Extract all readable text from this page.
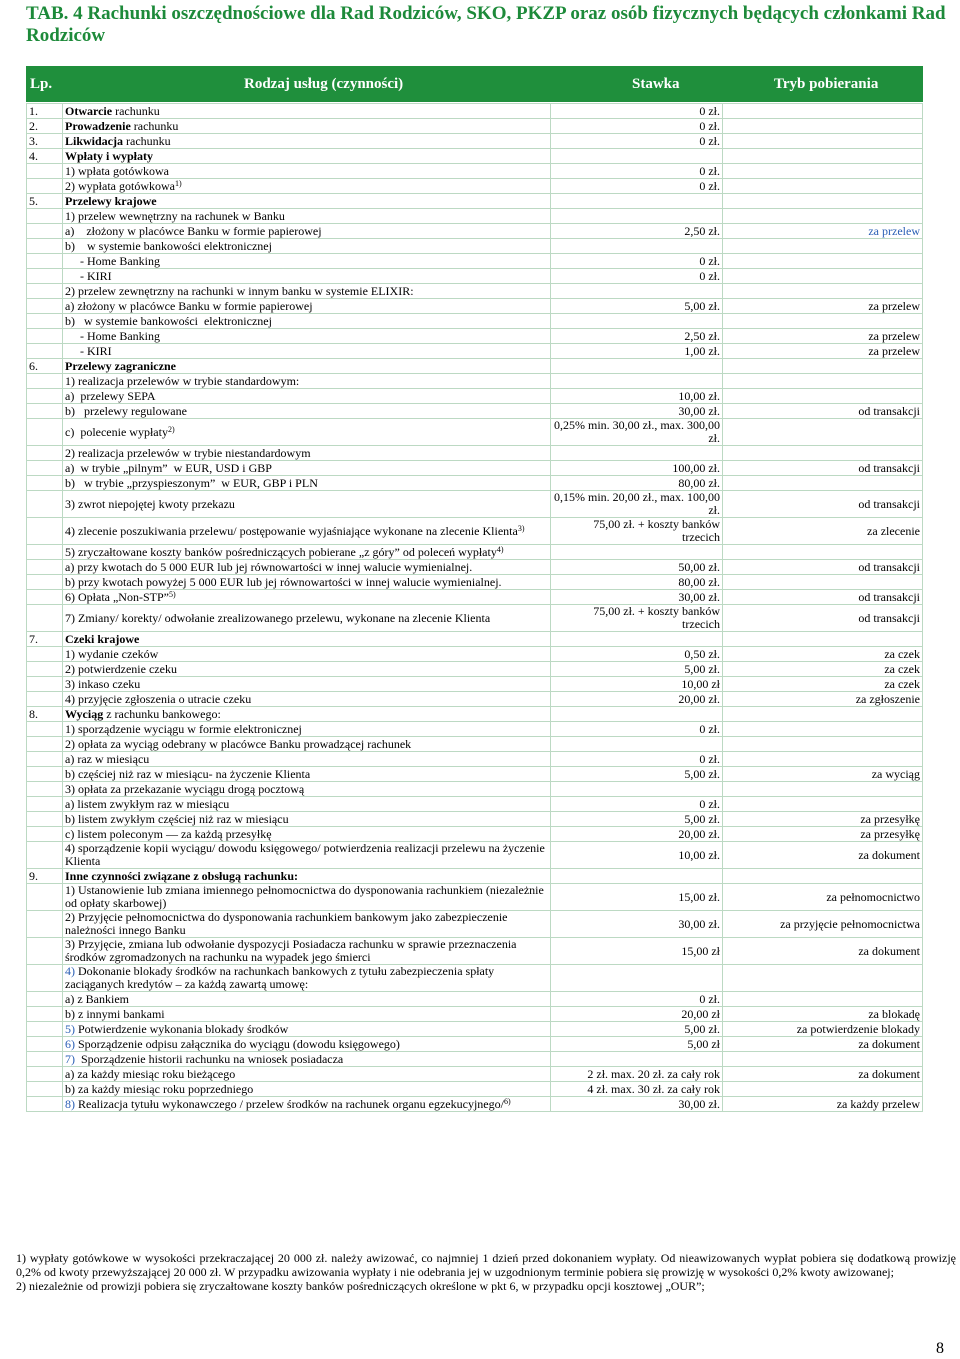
TAB. 4 Rachunki oszczędnościowe dla Rad Rodziców, SKO, PKZP oraz osób fizycznych będących członkami Rad Rodziców
Lp.	Rodzaj usług (czynności)	Stawka	Tryb pobierania
1.	Otwarcie rachunku	0 zł.	
2.	Prowadzenie rachunku	0 zł.	
3.	Likwidacja rachunku	0 zł.	
4.	Wpłaty i wypłaty		
	1) wpłata gotówkowa	0 zł.	
	2) wypłata gotówkowa$^{1)}$	0 zł.	
5.	Przelewy krajowe		
	1) przelew wewnętrzny na rachunek w Banku		
	a)    złożony w placówce Banku w formie papierowej	2,50 zł.	za przelew
	b)    w systemie bankowości elektronicznej		
	- Home Banking	0 zł.	
	- KIRI	0 zł.	
	2) przelew zewnętrzny na rachunki w innym banku w systemie ELIXIR:		
	a) złożony w placówce Banku w formie papierowej	5,00 zł.	za przelew
	b)   w systemie bankowości  elektronicznej		
	- Home Banking	2,50 zł.	za przelew
	- KIRI	1,00 zł.	za przelew
6.	Przelewy zagraniczne		
	1) realizacja przelewów w trybie standardowym:		
	a)  przelewy SEPA	10,00 zł.	
	b)   przelewy regulowane	30,00 zł.	od transakcji
	c)  polecenie wypłaty$^{2)}$	0,25% min. 30,00 zł., max. 300,00 zł.	
	2) realizacja przelewów w trybie niestandardowym		
	a)  w trybie „pilnym”  w EUR, USD i GBP	100,00 zł.	od transakcji
	b)   w trybie „przyspieszonym”  w EUR, GBP i PLN	80,00 zł.	
	3) zwrot niepojętej kwoty przekazu	0,15% min. 20,00 zł., max. 100,00 zł.	od transakcji
	4) zlecenie poszukiwania przelewu/ postępowanie wyjaśniające wykonane na zlecenie Klienta$^{3)}$	75,00 zł. + koszty banków trzecich	za zlecenie
	5) zryczałtowane koszty banków pośredniczących pobierane „z góry” od poleceń wypłaty$^{4)}$		
	a) przy kwotach do 5 000 EUR lub jej równowartości w innej walucie wymienialnej.	50,00 zł.	od transakcji
	b) przy kwotach powyżej 5 000 EUR lub jej równowartości w innej walucie wymienialnej.	80,00 zł.	
	6) Opłata „Non-STP”$^{5)}$	30,00 zł.	od transakcji
	7) Zmiany/ korekty/ odwołanie zrealizowanego przelewu, wykonane na zlecenie Klienta	75,00 zł. + koszty banków trzecich	od transakcji
7.	Czeki krajowe		
	1) wydanie czeków	0,50 zł.	za czek
	2) potwierdzenie czeku	5,00 zł.	za czek
	3) inkaso czeku	10,00 zł	za czek
	4) przyjęcie zgłoszenia o utracie czeku	20,00 zł.	za zgłoszenie
8.	Wyciąg z rachunku bankowego:		
	1) sporządzenie wyciągu w formie elektronicznej	0 zł.	
	2) opłata za wyciąg odebrany w placówce Banku prowadzącej rachunek		
	a) raz w miesiącu	0 zł.	
	b) częściej niż raz w miesiącu- na życzenie Klienta	5,00 zł.	za wyciąg
	3) opłata za przekazanie wyciągu drogą pocztową		
	a) listem zwykłym raz w miesiącu	0 zł.	
	b) listem zwykłym częściej niż raz w miesiącu	5,00 zł.	za przesyłkę
	c) listem poleconym — za każdą przesyłkę	20,00 zł.	za przesyłkę
	4) sporządzenie kopii wyciągu/ dowodu księgowego/ potwierdzenia realizacji przelewu na życzenie Klienta	10,00 zł.	za dokument
9.	Inne czynności związane z obsługą rachunku:		
	1) Ustanowienie lub zmiana imiennego pełnomocnictwa do dysponowania rachunkiem (niezależnie od opłaty skarbowej)	15,00 zł.	za pełnomocnictwo
	2) Przyjęcie pełnomocnictwa do dysponowania rachunkiem bankowym jako zabezpieczenie należności innego Banku	30,00 zł.	za przyjęcie pełnomocnictwa
	3) Przyjęcie, zmiana lub odwołanie dyspozycji Posiadacza rachunku w sprawie przeznaczenia środków zgromadzonych na rachunku na wypadek jego śmierci	15,00 zł	za dokument
	4) Dokonanie blokady środków na rachunkach bankowych z tytułu zabezpieczenia spłaty zaciąganych kredytów – za każdą zawartą umowę:		
	a) z Bankiem	0 zł.	
	b) z innymi bankami	20,00 zł	za blokadę
	5) Potwierdzenie wykonania blokady środków	5,00 zł.	za potwierdzenie blokady
	6) Sporządzenie odpisu załącznika do wyciągu (dowodu księgowego)	5,00 zł	za dokument
	7)  Sporządzenie historii rachunku na wniosek posiadacza		
	a) za każdy miesiąc roku bieżącego	2 zł. max. 20 zł. za cały rok	za dokument
	b) za każdy miesiąc roku poprzedniego	4 zł. max. 30 zł. za cały rok	
	8) Realizacja tytułu wykonawczego / przelew środków na rachunek organu egzekucyjnego/$^{6)}$	30,00 zł.	za każdy przelew

1) wypłaty gotówkowe w wysokości przekraczającej 20 000 zł. należy awizować, co najmniej 1 dzień przed dokonaniem wypłaty. Od nieawizowanych wypłat pobiera się dodatkową prowizję 0,2% od kwoty przewyższającej 20 000 zł. W przypadku awizowania wypłaty i nie odebrania jej w uzgodnionym terminie pobiera się prowizję w wysokości 0,2% kwoty awizowanej;

2) niezależnie od prowizji pobiera się zryczałtowane koszty banków pośredniczących określone w pkt 6, w przypadku opcji kosztowej „OUR”;

8
